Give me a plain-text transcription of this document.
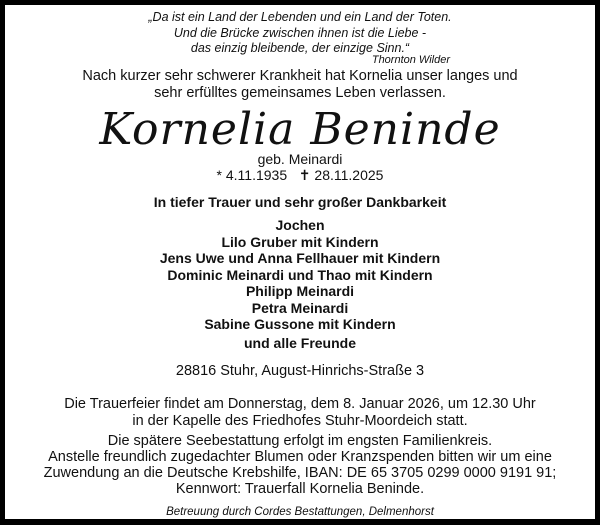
„Da ist ein Land der Lebenden und ein Land der Toten.
Und die Brücke zwischen ihnen ist die Liebe -
das einzig bleibende, der einzige Sinn.“
Thornton Wilder
Nach kurzer sehr schwerer Krankheit hat Kornelia unser langes und
sehr erfülltes gemeinsames Leben verlassen.
Kornelia Beninde
geb. Meinardi
* 4.11.1935 ✝ 28.11.2025
In tiefer Trauer und sehr großer Dankbarkeit
Jochen
Lilo Gruber mit Kindern
Jens Uwe und Anna Fellhauer mit Kindern
Dominic Meinardi und Thao mit Kindern
Philipp Meinardi
Petra Meinardi
Sabine Gussone mit Kindern
und alle Freunde
28816 Stuhr, August-Hinrichs-Straße 3
Die Trauerfeier findet am Donnerstag, dem 8. Januar 2026, um 12.30 Uhr
in der Kapelle des Friedhofes Stuhr-Moordeich statt.
Die spätere Seebestattung erfolgt im engsten Familienkreis.
Anstelle freundlich zugedachter Blumen oder Kranzspenden bitten wir um eine
Zuwendung an die Deutsche Krebshilfe, IBAN: DE 65 3705 0299 0000 9191 91;
Kennwort: Trauerfall Kornelia Beninde.
Betreuung durch Cordes Bestattungen, Delmenhorst
